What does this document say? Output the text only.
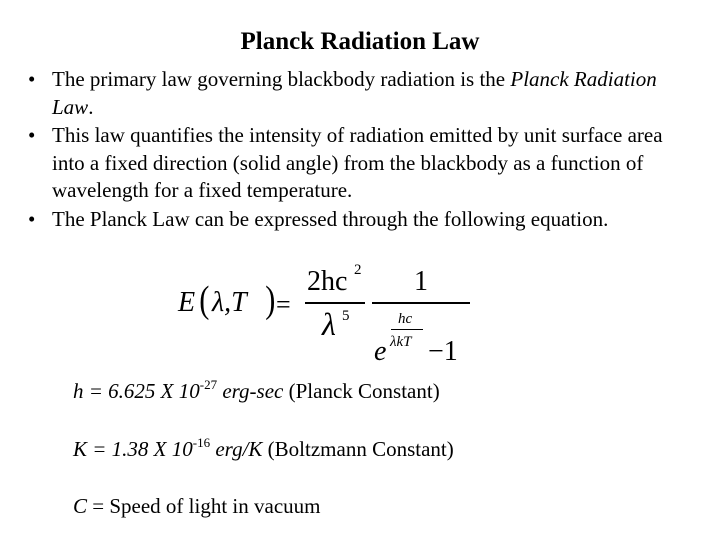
Planck Radiation Law
• The primary law governing blackbody radiation is the Planck Radiation Law.
• This law quantifies the intensity of radiation emitted by unit surface area into a fixed direction (solid angle) from the blackbody as a function of wavelength for a fixed temperature.
• The Planck Law can be expressed through the following equation.
E ( λ,T ) =
2hc 2
λ 5
1
hc
e λkT −1
h = 6.625 X $10^{-27}$ erg-sec (Planck Constant)
K = 1.38 X $10^{-16}$ erg/K (Boltzmann Constant)
C = Speed of light in vacuum
